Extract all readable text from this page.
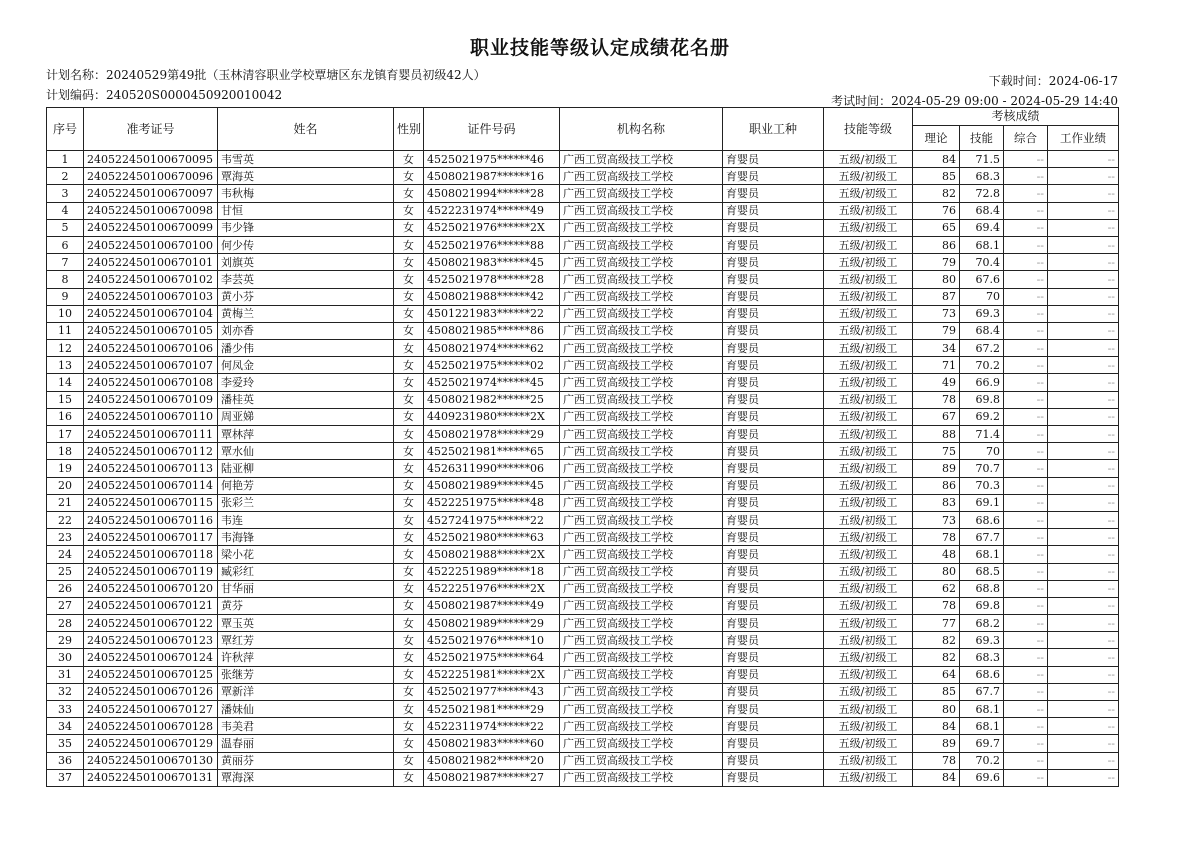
职业技能等级认定成绩花名册
计划名称：20240529第49批（玉林清容职业学校覃塘区东龙镇育婴员初级42人）	下载时间：2024-06-17
计划编码：240520S0000450920010042	考试时间：2024-05-29 09:00 - 2024-05-29 14:40
序号	准考证号	姓名	性别	证件号码	机构名称	职业工种	技能等级	考核成绩			
								理论	技能	综合	工作业绩
1	240522450100670095	韦雪英	女	4525021975******46	广西工贸高级技工学校	育婴员	五级/初级工	84	71.5	--	--
2	240522450100670096	覃海英	女	4508021987******16	广西工贸高级技工学校	育婴员	五级/初级工	85	68.3	--	--
3	240522450100670097	韦秋梅	女	4508021994******28	广西工贸高级技工学校	育婴员	五级/初级工	82	72.8	--	--
4	240522450100670098	甘恒	女	4522231974******49	广西工贸高级技工学校	育婴员	五级/初级工	76	68.4	--	--
5	240522450100670099	韦少锋	女	4525021976******2X	广西工贸高级技工学校	育婴员	五级/初级工	65	69.4	--	--
6	240522450100670100	何少传	女	4525021976******88	广西工贸高级技工学校	育婴员	五级/初级工	86	68.1	--	--
7	240522450100670101	刘旗英	女	4508021983******45	广西工贸高级技工学校	育婴员	五级/初级工	79	70.4	--	--
8	240522450100670102	李芸英	女	4525021978******28	广西工贸高级技工学校	育婴员	五级/初级工	80	67.6	--	--
9	240522450100670103	黄小芬	女	4508021988******42	广西工贸高级技工学校	育婴员	五级/初级工	87	70	--	--
10	240522450100670104	黄梅兰	女	4501221983******22	广西工贸高级技工学校	育婴员	五级/初级工	73	69.3	--	--
11	240522450100670105	刘亦香	女	4508021985******86	广西工贸高级技工学校	育婴员	五级/初级工	79	68.4	--	--
12	240522450100670106	潘少伟	女	4508021974******62	广西工贸高级技工学校	育婴员	五级/初级工	34	67.2	--	--
13	240522450100670107	何凤金	女	4525021975******02	广西工贸高级技工学校	育婴员	五级/初级工	71	70.2	--	--
14	240522450100670108	李爱玲	女	4525021974******45	广西工贸高级技工学校	育婴员	五级/初级工	49	66.9	--	--
15	240522450100670109	潘桂英	女	4508021982******25	广西工贸高级技工学校	育婴员	五级/初级工	78	69.8	--	--
16	240522450100670110	周亚娣	女	4409231980******2X	广西工贸高级技工学校	育婴员	五级/初级工	67	69.2	--	--
17	240522450100670111	覃林萍	女	4508021978******29	广西工贸高级技工学校	育婴员	五级/初级工	88	71.4	--	--
18	240522450100670112	覃水仙	女	4525021981******65	广西工贸高级技工学校	育婴员	五级/初级工	75	70	--	--
19	240522450100670113	陆亚柳	女	4526311990******06	广西工贸高级技工学校	育婴员	五级/初级工	89	70.7	--	--
20	240522450100670114	何艳芳	女	4508021989******45	广西工贸高级技工学校	育婴员	五级/初级工	86	70.3	--	--
21	240522450100670115	张彩兰	女	4522251975******48	广西工贸高级技工学校	育婴员	五级/初级工	83	69.1	--	--
22	240522450100670116	韦连	女	4527241975******22	广西工贸高级技工学校	育婴员	五级/初级工	73	68.6	--	--
23	240522450100670117	韦海锋	女	4525021980******63	广西工贸高级技工学校	育婴员	五级/初级工	78	67.7	--	--
24	240522450100670118	梁小花	女	4508021988******2X	广西工贸高级技工学校	育婴员	五级/初级工	48	68.1	--	--
25	240522450100670119	臧彩红	女	4522251989******18	广西工贸高级技工学校	育婴员	五级/初级工	80	68.5	--	--
26	240522450100670120	甘华丽	女	4522251976******2X	广西工贸高级技工学校	育婴员	五级/初级工	62	68.8	--	--
27	240522450100670121	黄芬	女	4508021987******49	广西工贸高级技工学校	育婴员	五级/初级工	78	69.8	--	--
28	240522450100670122	覃玉英	女	4508021989******29	广西工贸高级技工学校	育婴员	五级/初级工	77	68.2	--	--
29	240522450100670123	覃红芳	女	4525021976******10	广西工贸高级技工学校	育婴员	五级/初级工	82	69.3	--	--
30	240522450100670124	许秋萍	女	4525021975******64	广西工贸高级技工学校	育婴员	五级/初级工	82	68.3	--	--
31	240522450100670125	张继芳	女	4522251981******2X	广西工贸高级技工学校	育婴员	五级/初级工	64	68.6	--	--
32	240522450100670126	覃新洋	女	4525021977******43	广西工贸高级技工学校	育婴员	五级/初级工	85	67.7	--	--
33	240522450100670127	潘妹仙	女	4525021981******29	广西工贸高级技工学校	育婴员	五级/初级工	80	68.1	--	--
34	240522450100670128	韦美君	女	4522311974******22	广西工贸高级技工学校	育婴员	五级/初级工	84	68.1	--	--
35	240522450100670129	温春丽	女	4508021983******60	广西工贸高级技工学校	育婴员	五级/初级工	89	69.7	--	--
36	240522450100670130	黄丽芬	女	4508021982******20	广西工贸高级技工学校	育婴员	五级/初级工	78	70.2	--	--
37	240522450100670131	覃海深	女	4508021987******27	广西工贸高级技工学校	育婴员	五级/初级工	84	69.6	--	--
